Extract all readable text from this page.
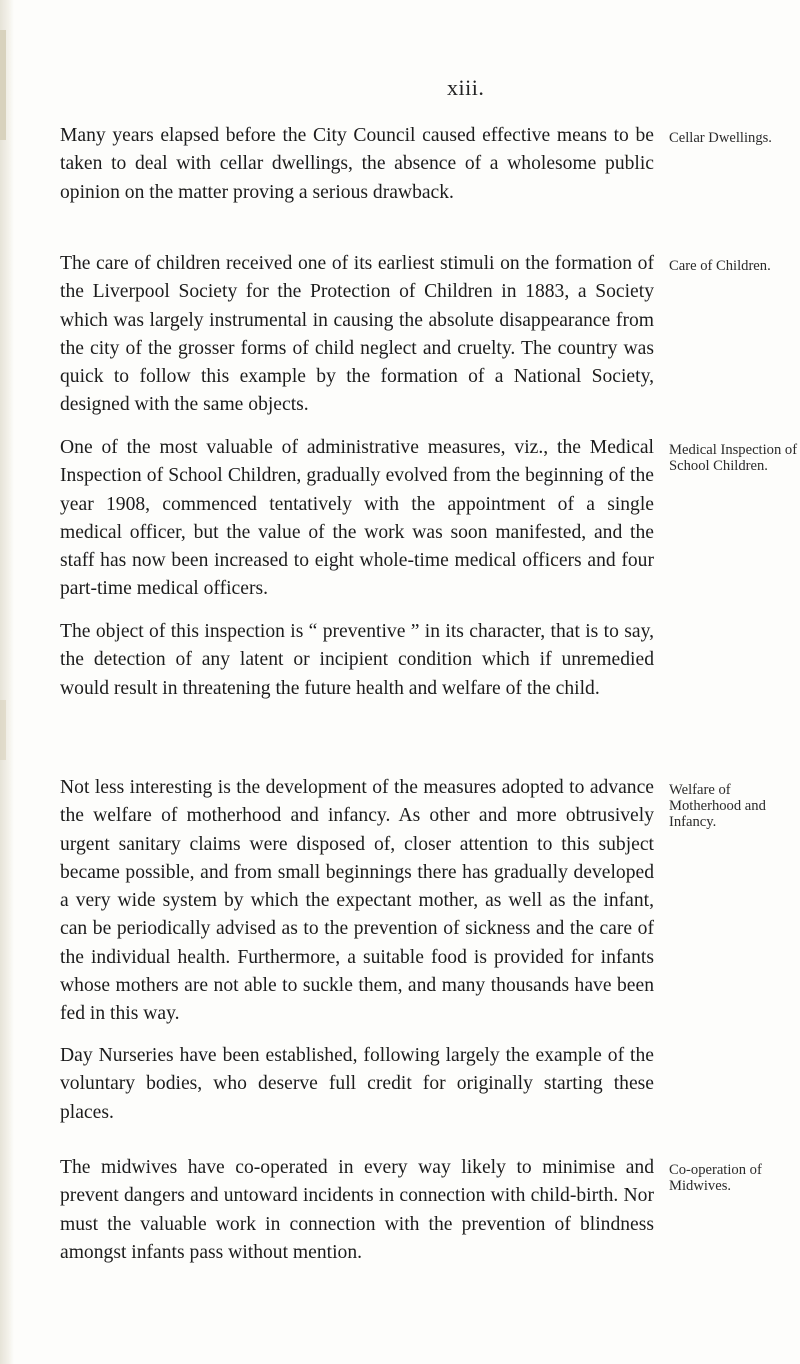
xiii.

Many years elapsed before the City Council caused effective means to be taken to deal with cellar dwellings, the absence of a wholesome public opinion on the matter proving a serious drawback.

Cellar Dwellings.

The care of children received one of its earliest stimuli on the formation of the Liverpool Society for the Protection of Children in 1883, a Society which was largely instrumental in causing the absolute disappearance from the city of the grosser forms of child neglect and cruelty. The country was quick to follow this example by the formation of a National Society, designed with the same objects.

Care of Children.

One of the most valuable of administrative measures, viz., the Medical Inspection of School Children, gradually evolved from the beginning of the year 1908, commenced tentatively with the appointment of a single medical officer, but the value of the work was soon manifested, and the staff has now been increased to eight whole-time medical officers and four part-time medical officers.

Medical Inspection of School Children.

The object of this inspection is “ preventive ” in its character, that is to say, the detection of any latent or incipient condition which if unremedied would result in threatening the future health and welfare of the child.

Not less interesting is the development of the measures adopted to advance the welfare of motherhood and infancy. As other and more obtrusively urgent sanitary claims were disposed of, closer attention to this subject became possible, and from small beginnings there has gradually developed a very wide system by which the expectant mother, as well as the infant, can be periodically advised as to the prevention of sickness and the care of the individual health. Furthermore, a suitable food is provided for infants whose mothers are not able to suckle them, and many thousands have been fed in this way.

Welfare of Motherhood and Infancy.

Day Nurseries have been established, following largely the example of the voluntary bodies, who deserve full credit for originally starting these places.

The midwives have co-operated in every way likely to minimise and prevent dangers and untoward incidents in connection with child-birth. Nor must the valuable work in connection with the prevention of blindness amongst infants pass without mention.

Co-operation of Midwives.
